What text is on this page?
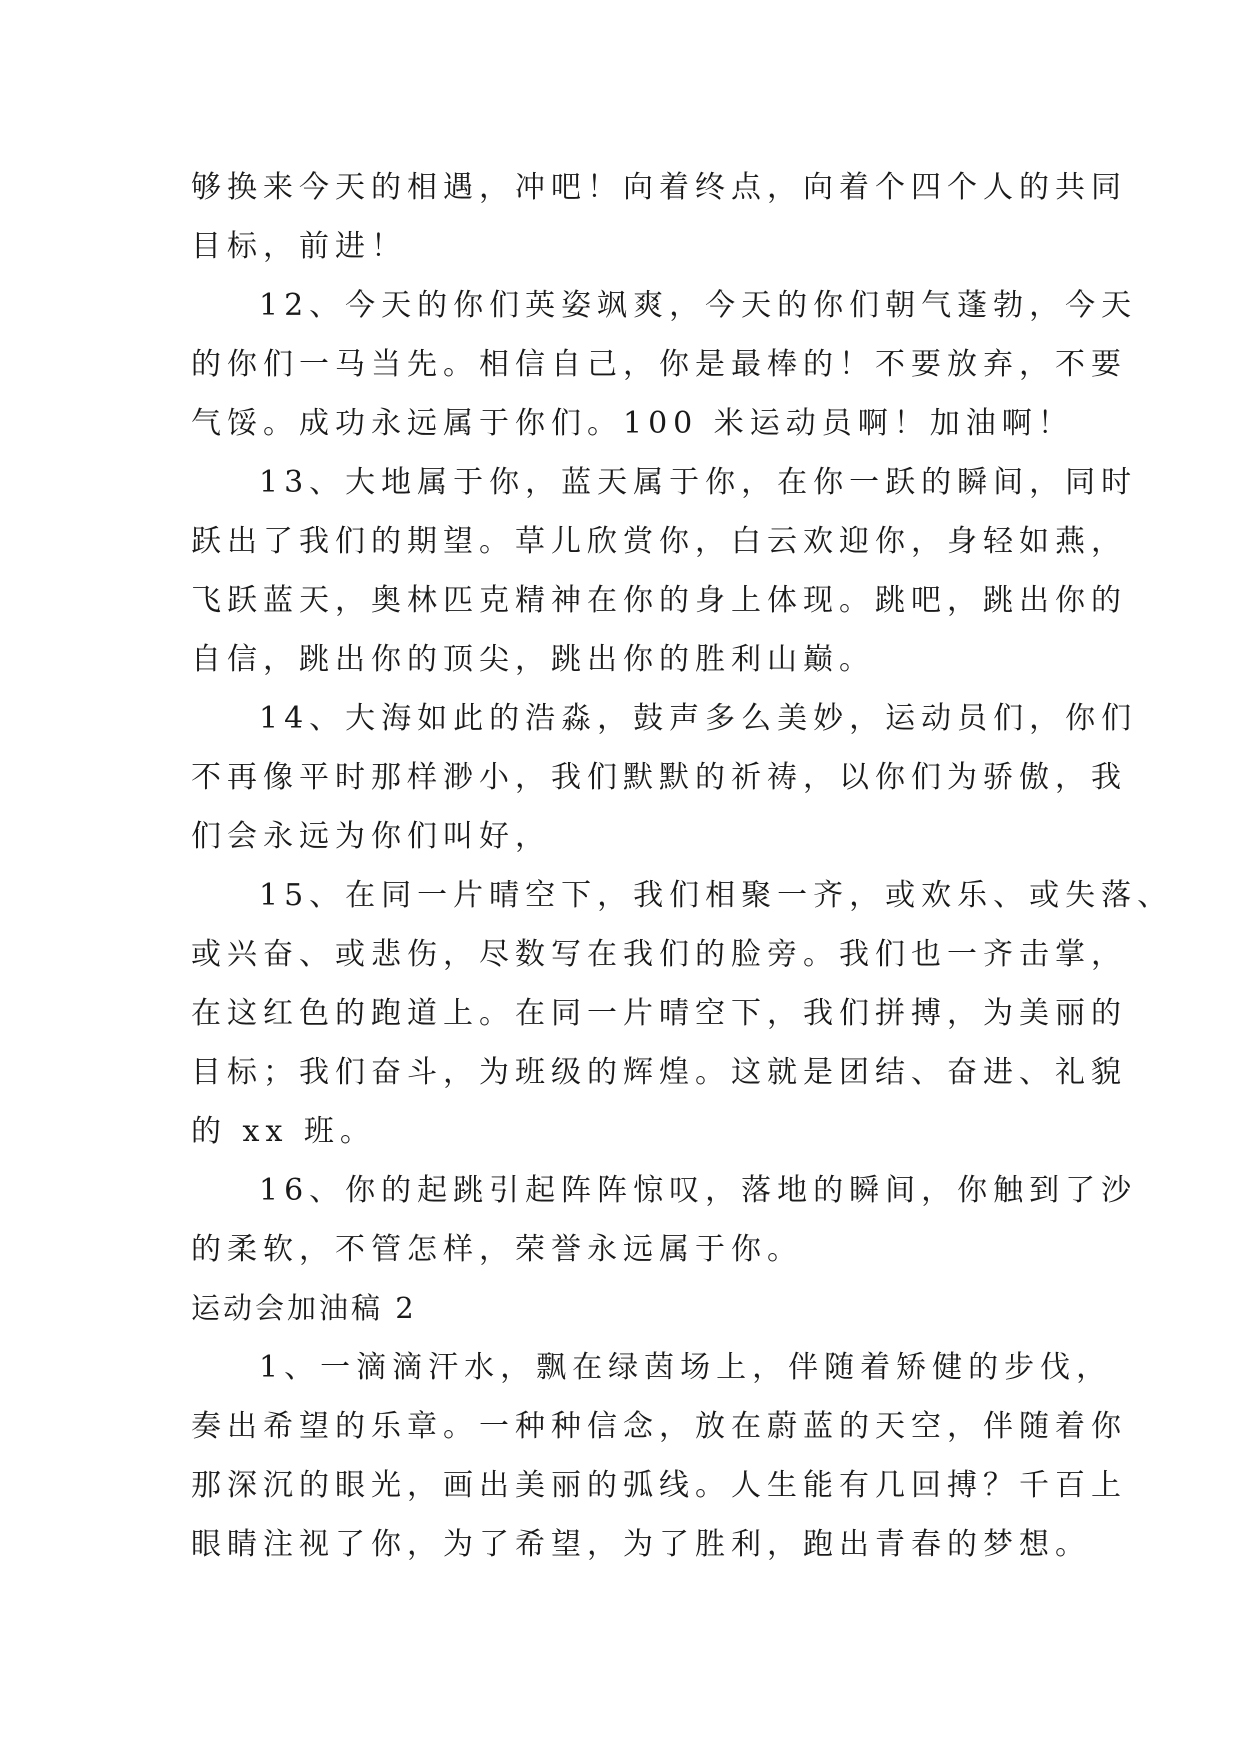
够换来今天的相遇，冲吧！向着终点，向着个四个人的共同
目标，前进！
12、今天的你们英姿飒爽，今天的你们朝气蓬勃，今天
的你们一马当先。相信自己，你是最棒的！不要放弃，不要
气馁。成功永远属于你们。100 米运动员啊！加油啊！
13、大地属于你，蓝天属于你，在你一跃的瞬间，同时
跃出了我们的期望。草儿欣赏你，白云欢迎你，身轻如燕，
飞跃蓝天，奥林匹克精神在你的身上体现。跳吧，跳出你的
自信，跳出你的顶尖，跳出你的胜利山巅。
14、大海如此的浩淼，鼓声多么美妙，运动员们，你们
不再像平时那样渺小，我们默默的祈祷，以你们为骄傲，我
们会永远为你们叫好，
15、在同一片晴空下，我们相聚一齐，或欢乐、或失落、
或兴奋、或悲伤，尽数写在我们的脸旁。我们也一齐击掌，
在这红色的跑道上。在同一片晴空下，我们拼搏，为美丽的
目标；我们奋斗，为班级的辉煌。这就是团结、奋进、礼貌
的 xx 班。
16、你的起跳引起阵阵惊叹，落地的瞬间，你触到了沙
的柔软，不管怎样，荣誉永远属于你。
运动会加油稿 2
1、一滴滴汗水，飘在绿茵场上，伴随着矫健的步伐，
奏出希望的乐章。一种种信念，放在蔚蓝的天空，伴随着你
那深沉的眼光，画出美丽的弧线。人生能有几回搏？千百上
眼睛注视了你，为了希望，为了胜利，跑出青春的梦想。
